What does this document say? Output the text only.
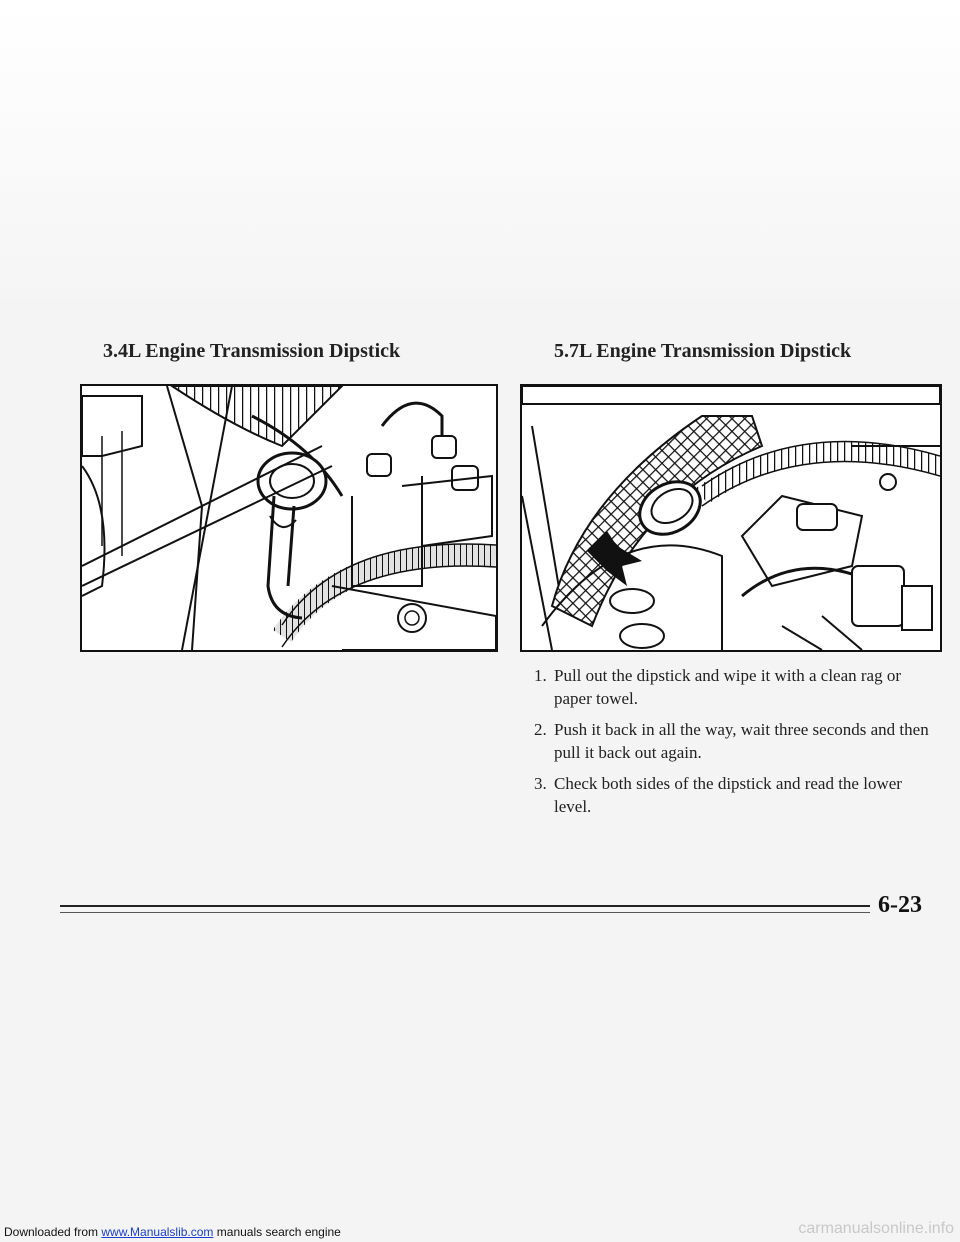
3.4L Engine Transmission Dipstick	5.7L Engine Transmission Dipstick
1. Pull out the dipstick and wipe it with a clean rag or paper towel.
2. Push it back in all the way, wait three seconds and then pull it back out again.
3. Check both sides of the dipstick and read the lower level.
6-23
Downloaded from www.Manualslib.com manuals search engine	carmanualsonline.info
